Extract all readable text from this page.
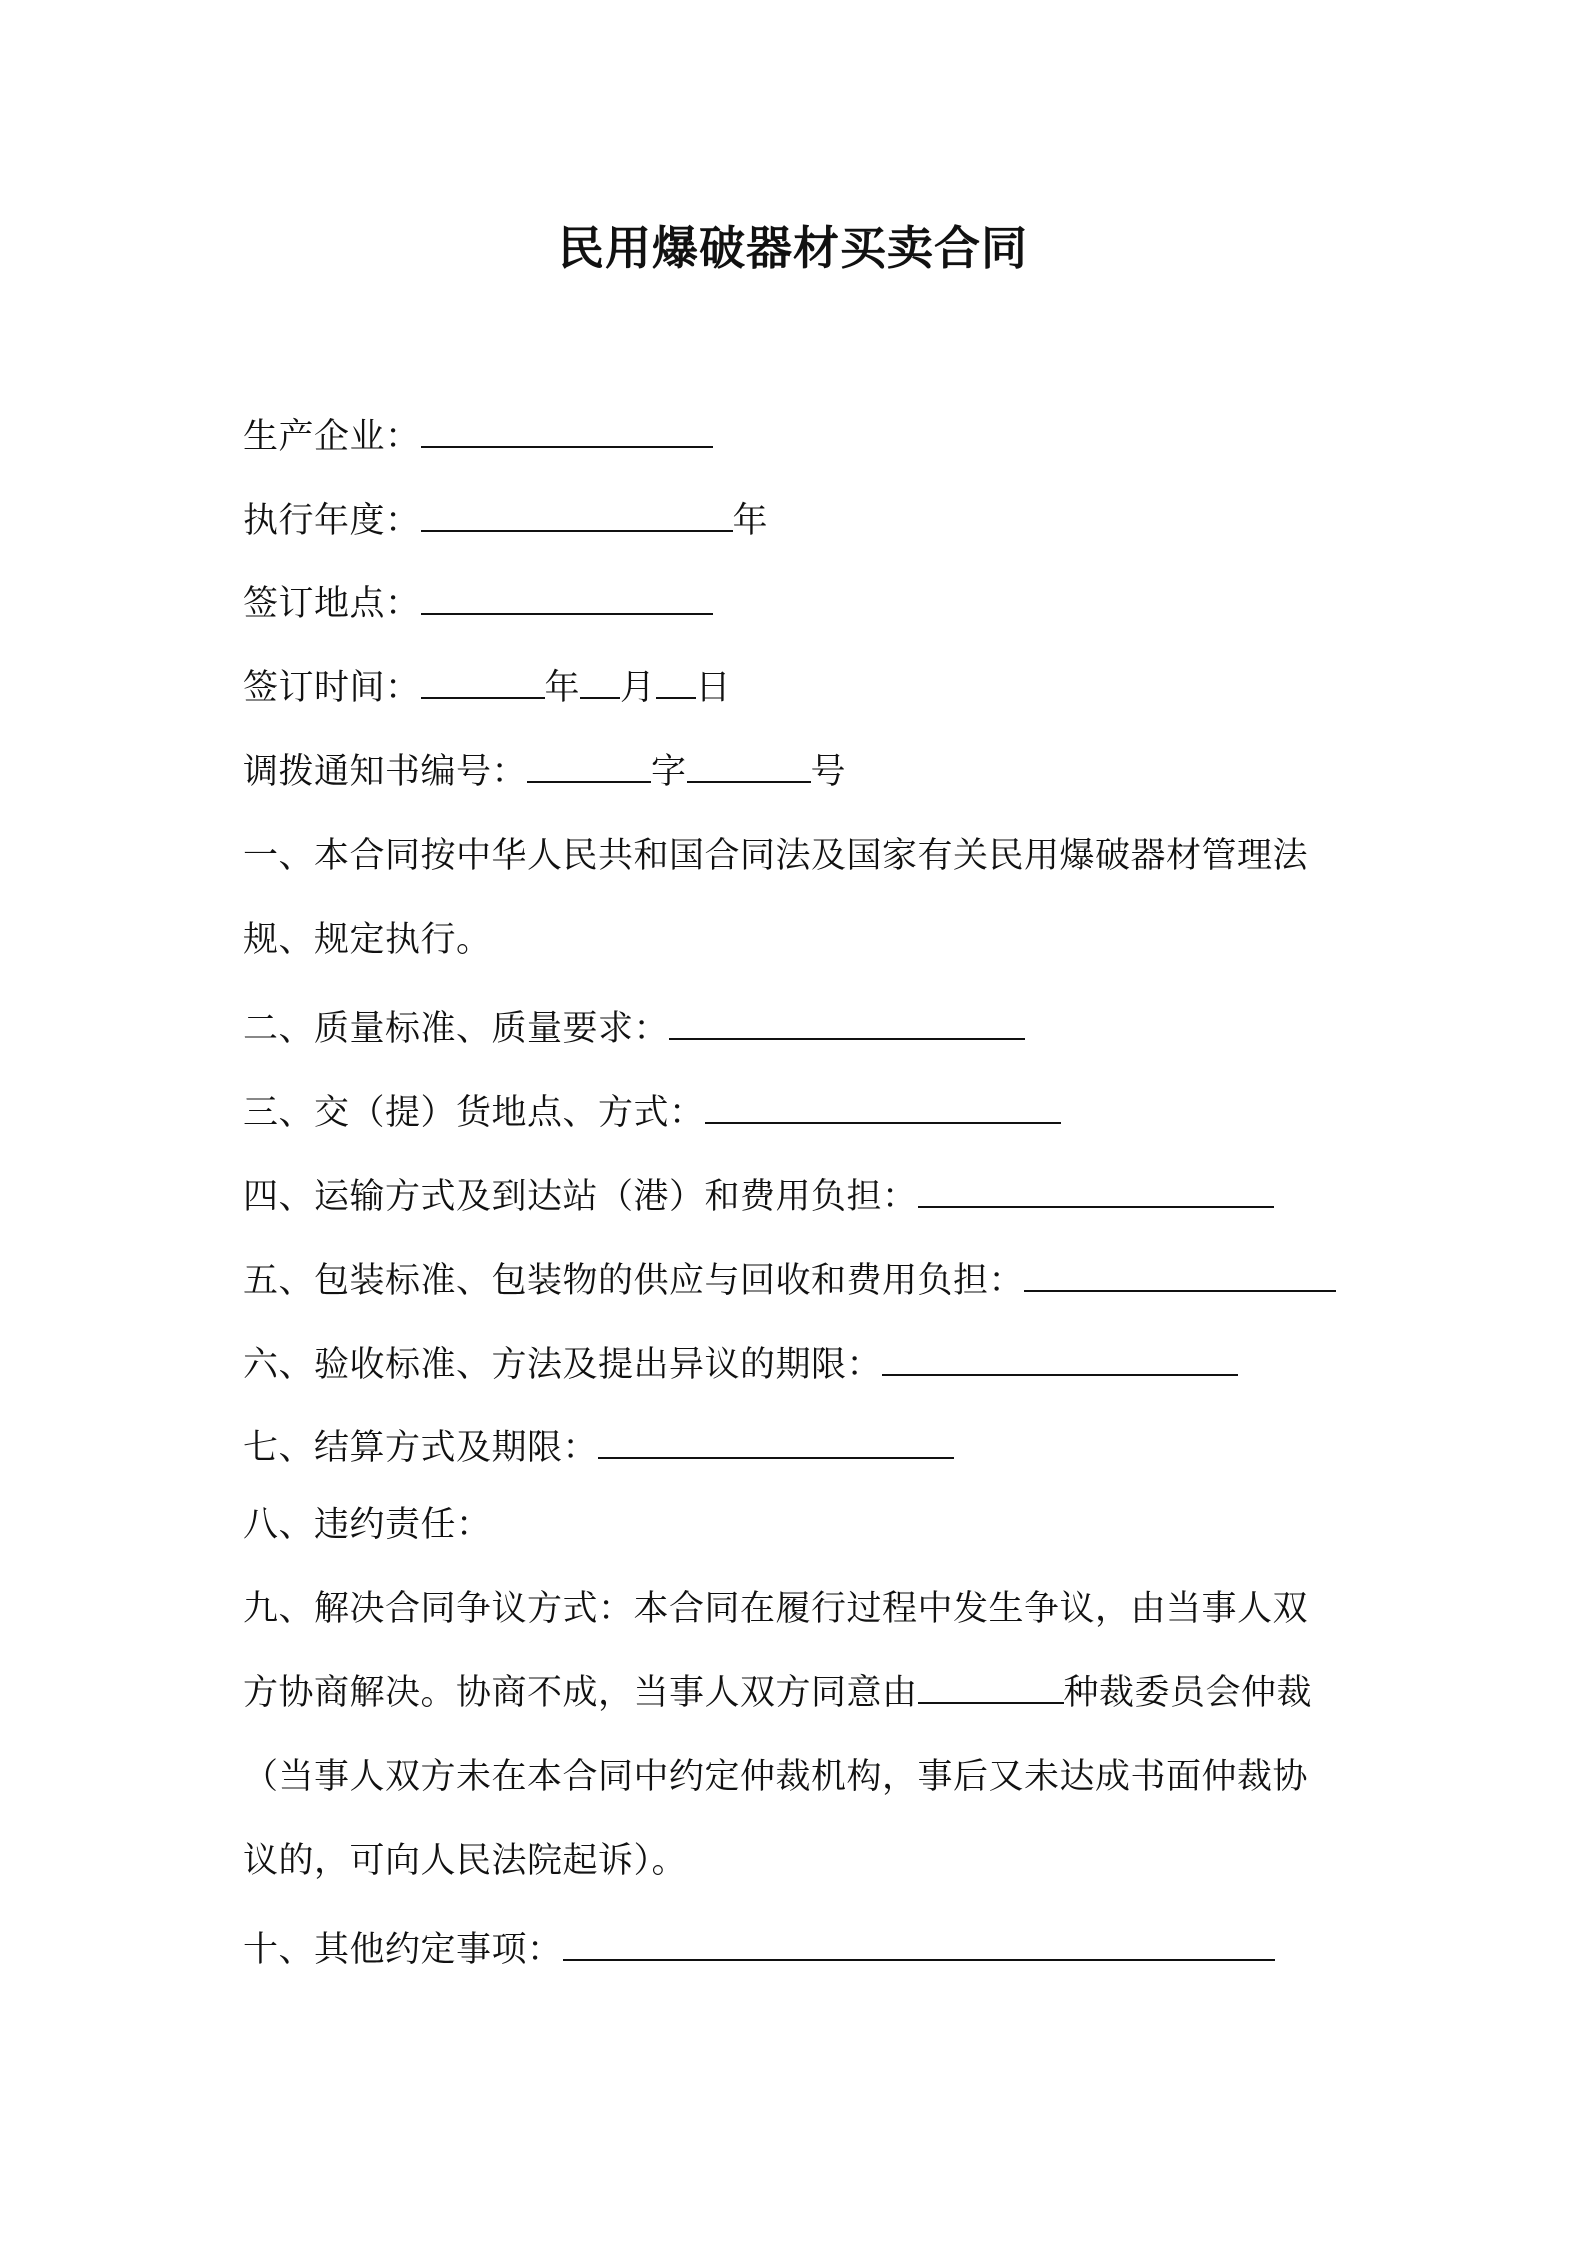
民用爆破器材买卖合同
生产企业：
执行年度：	年
签订地点：
签订时间：	年 月 日
调拨通知书编号：	字	号
一、本合同按中华人民共和国合同法及国家有关民用爆破器材管理法
规、规定执行。
二、质量标准、质量要求：
三、交（提）货地点、方式：
四、运输方式及到达站（港）和费用负担：
五、包装标准、包装物的供应与回收和费用负担：
六、验收标准、方法及提出异议的期限：
七、结算方式及期限：
八、违约责任：
九、解决合同争议方式：本合同在履行过程中发生争议，由当事人双
方协商解决。协商不成，当事人双方同意由	种裁委员会仲裁
（当事人双方未在本合同中约定仲裁机构，事后又未达成书面仲裁协
议的，可向人民法院起诉）。
十、其他约定事项：
